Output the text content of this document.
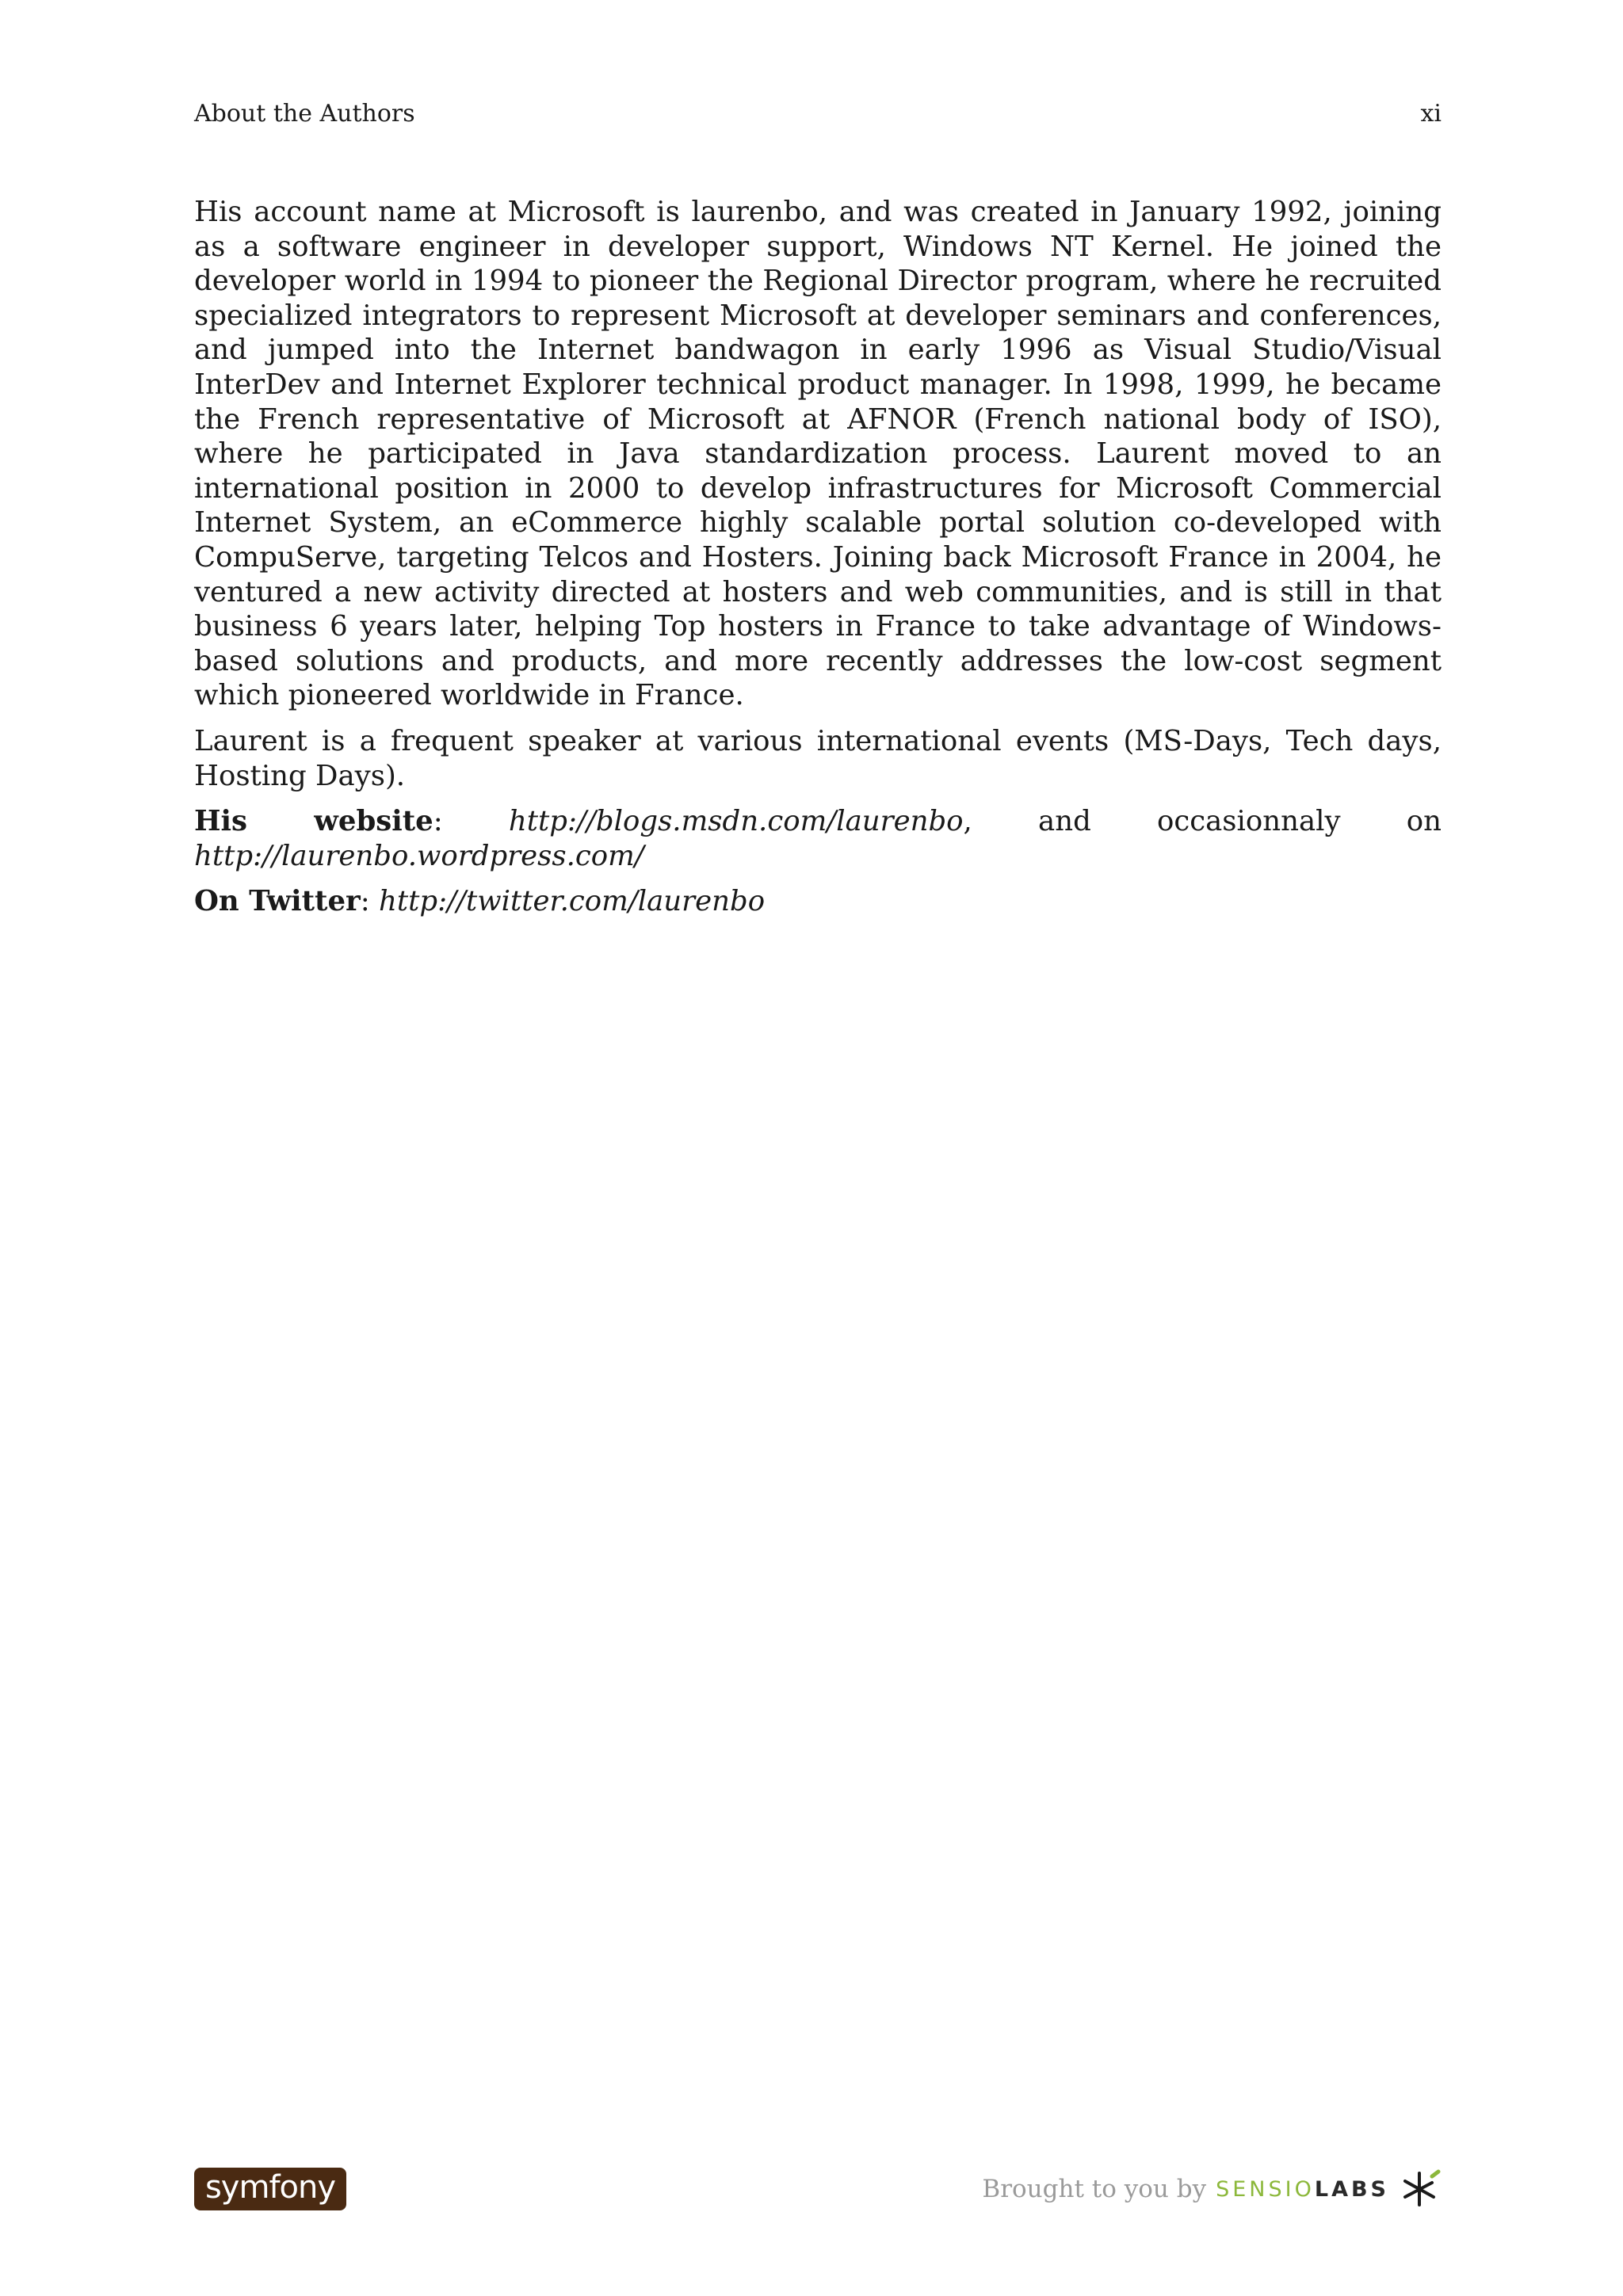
About the Authors	xi

His account name at Microsoft is laurenbo, and was created in January 1992, joining as a software engineer in developer support, Windows NT Kernel. He joined the developer world in 1994 to pioneer the Regional Director program, where he recruited specialized integrators to represent Microsoft at developer seminars and conferences, and jumped into the Internet bandwagon in early 1996 as Visual Studio/Visual InterDev and Internet Explorer technical product manager. In 1998, 1999, he became the French representative of Microsoft at AFNOR (French national body of ISO), where he participated in Java standardization process. Laurent moved to an international position in 2000 to develop infrastructures for Microsoft Commercial Internet System, an eCommerce highly scalable portal solution co-developed with CompuServe, targeting Telcos and Hosters. Joining back Microsoft France in 2004, he ventured a new activity directed at hosters and web communities, and is still in that business 6 years later, helping Top hosters in France to take advantage of Windows-based solutions and products, and more recently addresses the low-cost segment which pioneered worldwide in France.

Laurent is a frequent speaker at various international events (MS-Days, Tech days, Hosting Days).

His website: http://blogs.msdn.com/laurenbo, and occasionnaly on http://laurenbo.wordpress.com/

On Twitter: http://twitter.com/laurenbo

symfony	Brought to you by SENSIO LABS
